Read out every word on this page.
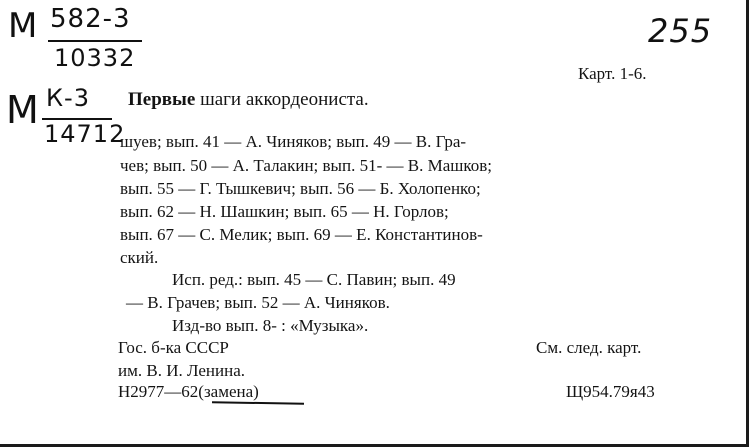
М 582-3
10332
255
Карт. 1-6.
М К-3
14712
Первые шаги аккордеониста.
шуев; вып. 41 — А. Чиняков; вып. 49 — В. Гра-
чев; вып. 50 — А. Талакин; вып. 51- — В. Машков;
вып. 55 — Г. Тышкевич; вып. 56 — Б. Холопенко;
вып. 62 — Н. Шашкин; вып. 65 — Н. Горлов;
вып. 67 — С. Мелик; вып. 69 — Е. Константинов-
ский.
Исп. ред.: вып. 45 — С. Павин; вып. 49
— В. Грачев; вып. 52 — А. Чиняков.
Изд-во вып. 8- : «Музыка».
Гос. б-ка СССР	См. след. карт.
им. В. И. Ленина.
Н2977—62(замена)	Щ954.79я43
